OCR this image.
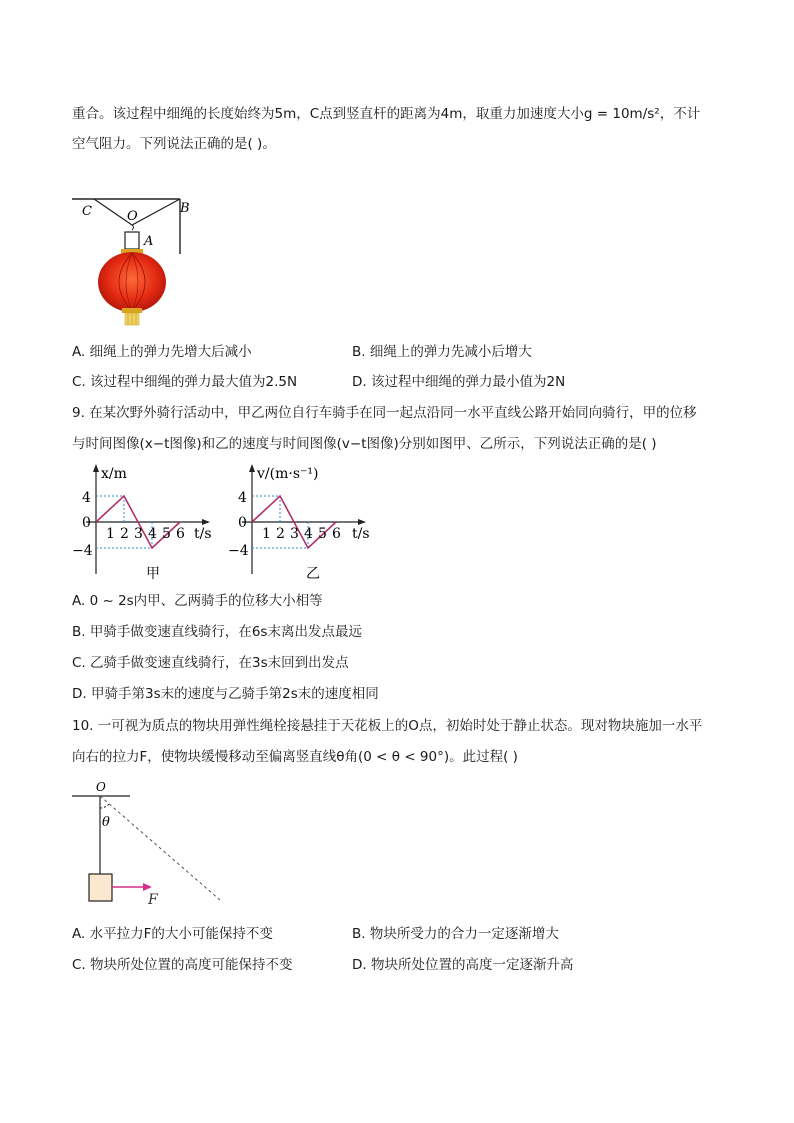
重合。该过程中细绳的长度始终为5m，C点到竖直杆的距离为4m，取重力加速度大小g = 10m/s²，不计
空气阻力。下列说法正确的是( )。
C	O
B
A
A. 细绳上的弹力先增大后减小	B. 细绳上的弹力先减小后增大
C. 该过程中细绳的弹力最大值为2.5N	D. 该过程中细绳的弹力最小值为2N
9. 在某次野外骑行活动中，甲乙两位自行车骑手在同一起点沿同一水平直线公路开始同向骑行，甲的位移
与时间图像(x−t图像)和乙的速度与时间图像(v−t图像)分别如图甲、乙所示，下列说法正确的是( )
x/m
t/s
4
0
−4
1 2 3 4 5 6
甲
v/(m·s⁻¹)
t/s
4
0
−4
1 2 3 4 5 6
乙
A. 0 ~ 2s内甲、乙两骑手的位移大小相等
B. 甲骑手做变速直线骑行，在6s末离出发点最远
C. 乙骑手做变速直线骑行，在3s末回到出发点
D. 甲骑手第3s末的速度与乙骑手第2s末的速度相同
10. 一可视为质点的物块用弹性绳栓接悬挂于天花板上的O点，初始时处于静止状态。现对物块施加一水平
向右的拉力F，使物块缓慢移动至偏离竖直线θ角(0 < θ < 90°)。此过程( )
O
θ
F
A. 水平拉力F的大小可能保持不变	B. 物块所受力的合力一定逐渐增大
C. 物块所处位置的高度可能保持不变	D. 物块所处位置的高度一定逐渐升高
